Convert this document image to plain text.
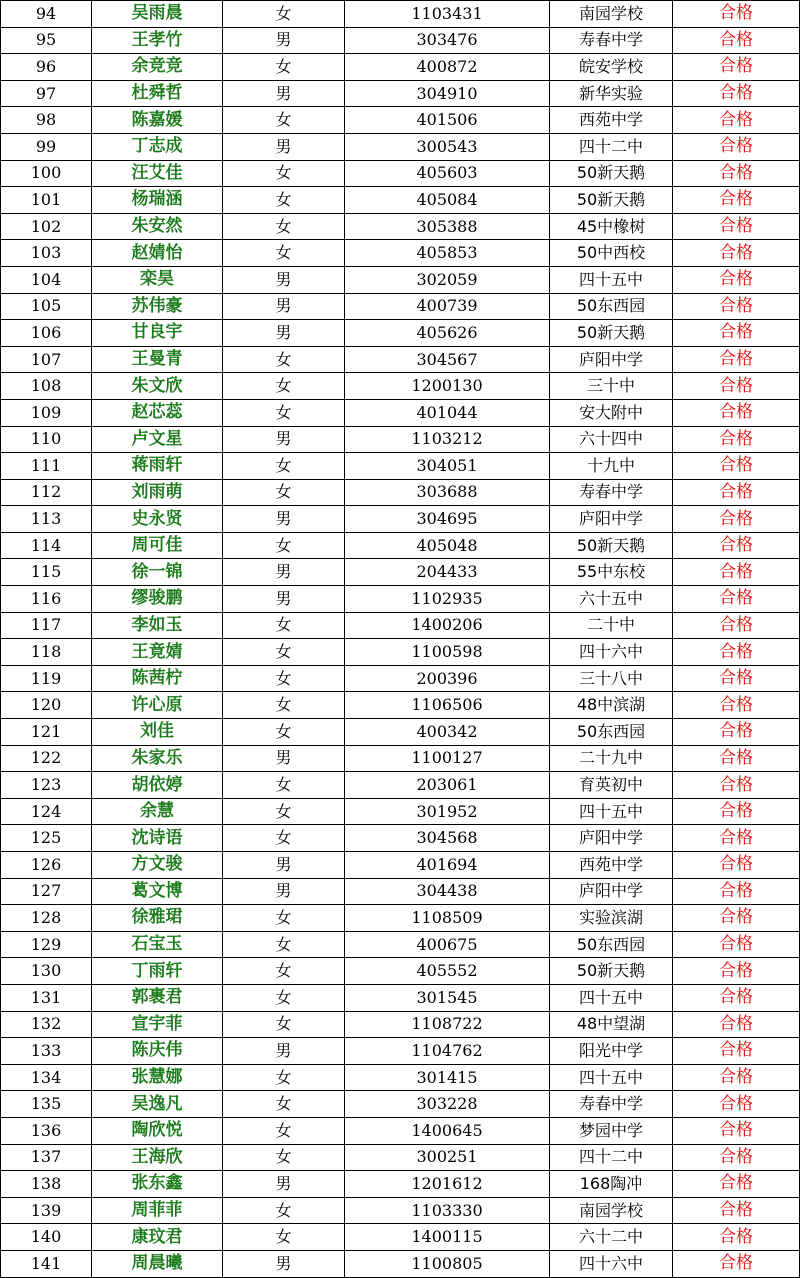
94	吴雨晨	女	1103431	南园学校	合格
95	王孝竹	男	303476	寿春中学	合格
96	余竞竞	女	400872	皖安学校	合格
97	杜舜哲	男	304910	新华实验	合格
98	陈嘉媛	女	401506	西苑中学	合格
99	丁志成	男	300543	四十二中	合格
100	汪艾佳	女	405603	50新天鹅	合格
101	杨瑞涵	女	405084	50新天鹅	合格
102	朱安然	女	305388	45中橡树	合格
103	赵婧怡	女	405853	50中西校	合格
104	栾昊	男	302059	四十五中	合格
105	苏伟豪	男	400739	50东西园	合格
106	甘良宇	男	405626	50新天鹅	合格
107	王曼青	女	304567	庐阳中学	合格
108	朱文欣	女	1200130	三十中	合格
109	赵芯蕊	女	401044	安大附中	合格
110	卢文星	男	1103212	六十四中	合格
111	蒋雨轩	女	304051	十九中	合格
112	刘雨萌	女	303688	寿春中学	合格
113	史永贤	男	304695	庐阳中学	合格
114	周可佳	女	405048	50新天鹅	合格
115	徐一锦	男	204433	55中东校	合格
116	缪骏鹏	男	1102935	六十五中	合格
117	李如玉	女	1400206	二十中	合格
118	王竟婧	女	1100598	四十六中	合格
119	陈茜柠	女	200396	三十八中	合格
120	许心原	女	1106506	48中滨湖	合格
121	刘佳	女	400342	50东西园	合格
122	朱家乐	男	1100127	二十九中	合格
123	胡依婷	女	203061	育英初中	合格
124	余慧	女	301952	四十五中	合格
125	沈诗语	女	304568	庐阳中学	合格
126	方文骏	男	401694	西苑中学	合格
127	葛文博	男	304438	庐阳中学	合格
128	徐雅珺	女	1108509	实验滨湖	合格
129	石宝玉	女	400675	50东西园	合格
130	丁雨轩	女	405552	50新天鹅	合格
131	郭裹君	女	301545	四十五中	合格
132	宣宇菲	女	1108722	48中望湖	合格
133	陈庆伟	男	1104762	阳光中学	合格
134	张慧娜	女	301415	四十五中	合格
135	吴逸凡	女	303228	寿春中学	合格
136	陶欣悦	女	1400645	梦园中学	合格
137	王海欣	女	300251	四十二中	合格
138	张东鑫	男	1201612	168陶冲	合格
139	周菲菲	女	1103330	南园学校	合格
140	康玟君	女	1400115	六十二中	合格
141	周晨曦	男	1100805	四十六中	合格
